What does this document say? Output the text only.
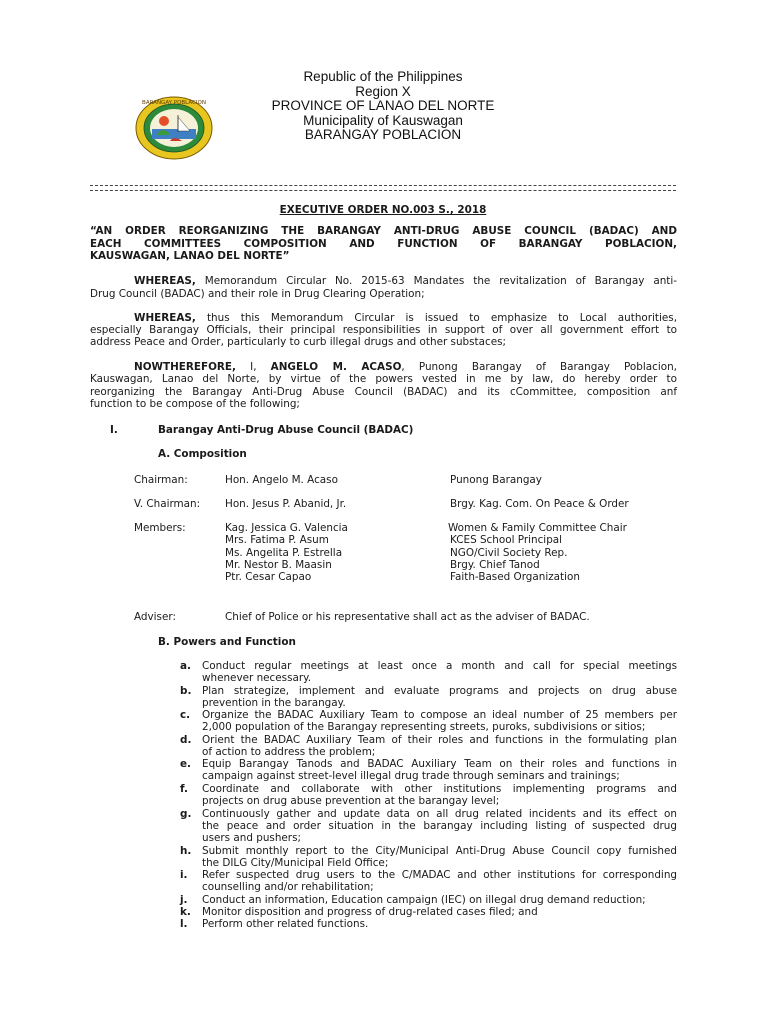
BARANGAY POBLACION
Republic of the Philippines
Region X
PROVINCE OF LANAO DEL NORTE
Municipality of Kauswagan
BARANGAY POBLACION
EXECUTIVE ORDER NO.003 S., 2018
“AN ORDER REORGANIZING THE BARANGAY ANTI-DRUG ABUSE COUNCIL (BADAC) AND
EACH COMMITTEES COMPOSITION AND FUNCTION OF BARANGAY POBLACION,
KAUSWAGAN, LANAO DEL NORTE”
WHEREAS, Memorandum Circular No. 2015-63 Mandates the revitalization of Barangay anti-
Drug Council (BADAC) and their role in Drug Clearing Operation;
WHEREAS, thus this Memorandum Circular is issued to emphasize to Local authorities,
especially Barangay Officials, their principal responsibilities in support of over all government effort to
address Peace and Order, particularly to curb illegal drugs and other substaces;
NOWTHEREFORE, I, ANGELO M. ACASO, Punong Barangay of Barangay Poblacion,
Kauswagan, Lanao del Norte, by virtue of the powers vested in me by law, do hereby order to
reorganizing the Barangay Anti-Drug Abuse Council (BADAC) and its cCommittee, composition anf
function to be compose of the following;
I.	Barangay Anti-Drug Abuse Council (BADAC)
A. Composition
Chairman:	Hon. Angelo M. Acaso	Punong Barangay
V. Chairman: Hon. Jesus P. Abanid, Jr.	Brgy. Kag. Com. On Peace & Order
Members:	Kag. Jessica G. Valencia	Women & Family Committee Chair
Mrs. Fatima P. Asum	KCES School Principal
Ms. Angelita P. Estrella	NGO/Civil Society Rep.
Mr. Nestor B. Maasin	Brgy. Chief Tanod
Ptr. Cesar Capao	Faith-Based Organization
Adviser:	Chief of Police or his representative shall act as the adviser of BADAC.
B. Powers and Function
a. Conduct regular meetings at least once a month and call for special meetings
whenever necessary.
b. Plan strategize, implement and evaluate programs and projects on drug abuse
prevention in the barangay.
c. Organize the BADAC Auxiliary Team to compose an ideal number of 25 members per
2,000 population of the Barangay representing streets, puroks, subdivisions or sitios;
d. Orient the BADAC Auxiliary Team of their roles and functions in the formulating plan
of action to address the problem;
e. Equip Barangay Tanods and BADAC Auxiliary Team on their roles and functions in
campaign against street-level illegal drug trade through seminars and trainings;
f. Coordinate and collaborate with other institutions implementing programs and
projects on drug abuse prevention at the barangay level;
g. Continuously gather and update data on all drug related incidents and its effect on
the peace and order situation in the barangay including listing of suspected drug
users and pushers;
h. Submit monthly report to the City/Municipal Anti-Drug Abuse Council copy furnished
the DILG City/Municipal Field Office;
i. Refer suspected drug users to the C/MADAC and other institutions for corresponding
counselling and/or rehabilitation;
j. Conduct an information, Education campaign (IEC) on illegal drug demand reduction;
k. Monitor disposition and progress of drug-related cases filed; and
l. Perform other related functions.
